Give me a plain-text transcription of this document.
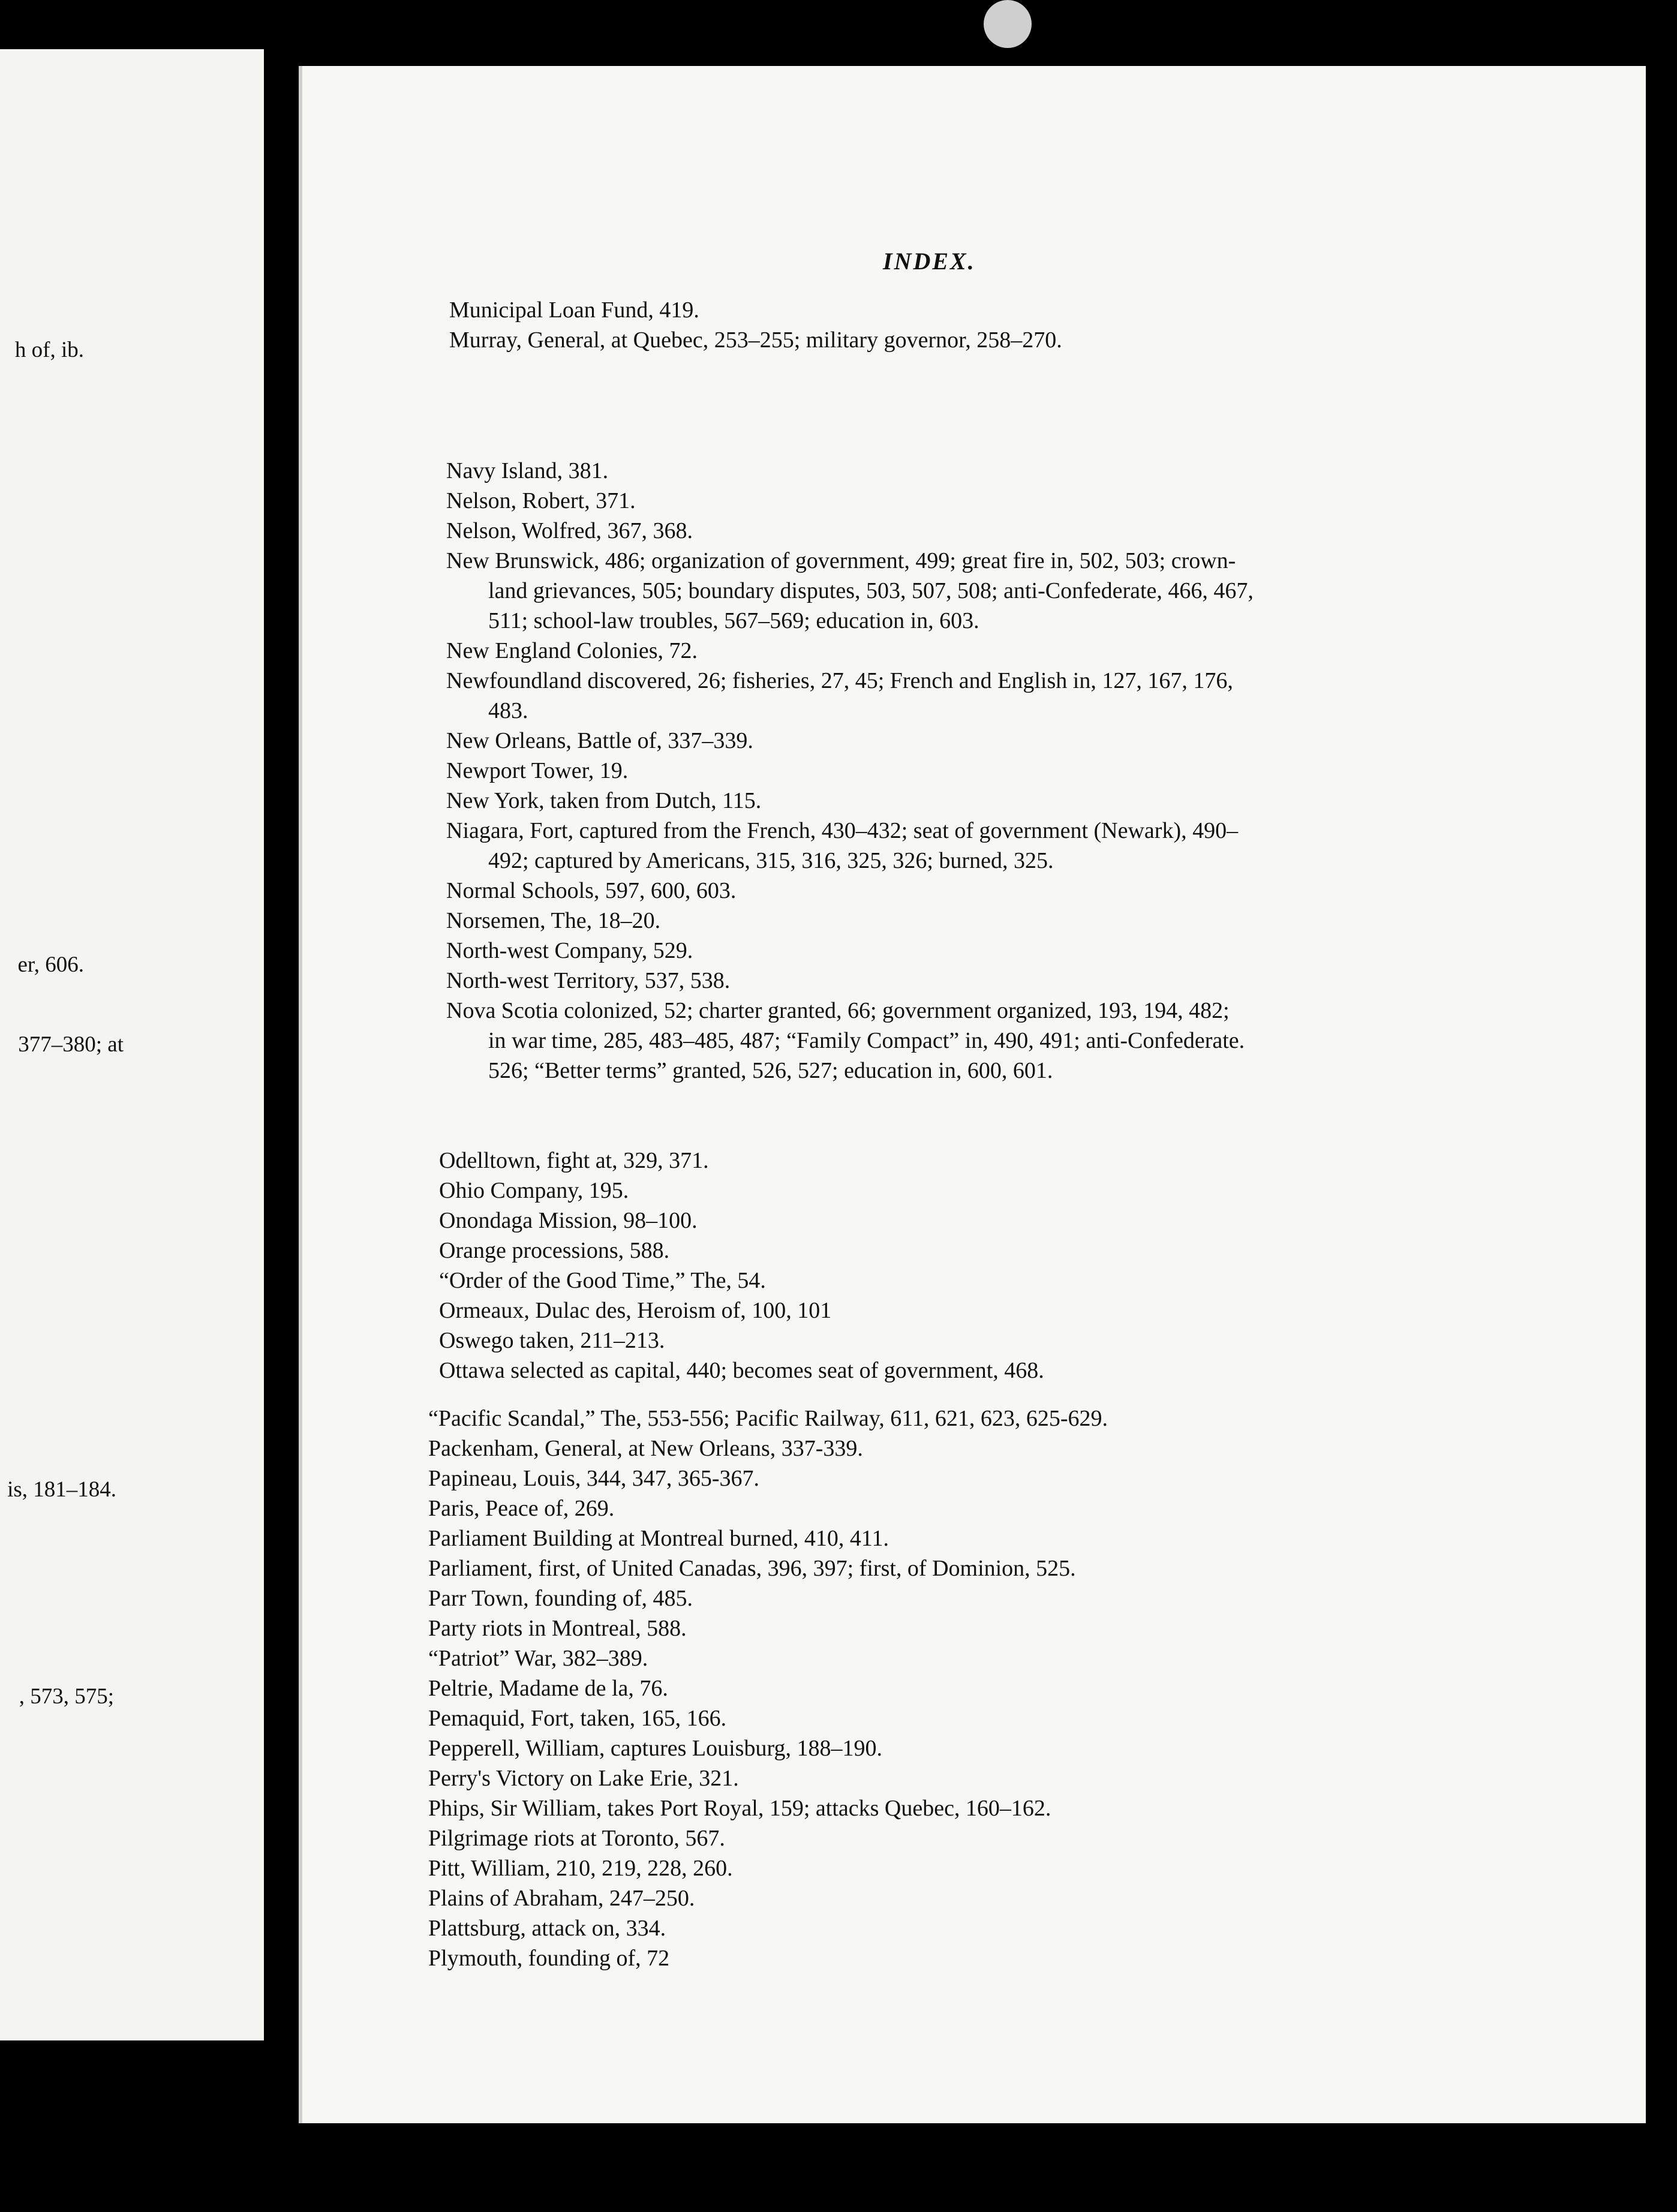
h of, ib.
er, 606.
377–380; at
is, 181–184.
, 573, 575;
INDEX.
Municipal Loan Fund, 419.
Murray, General, at Quebec, 253–255; military governor, 258–270.
Navy Island, 381.
Nelson, Robert, 371.
Nelson, Wolfred, 367, 368.
New Brunswick, 486; organization of government, 499; great fire in, 502, 503; crown-
land grievances, 505; boundary disputes, 503, 507, 508; anti-Confederate, 466, 467,
511; school-law troubles, 567–569; education in, 603.
New England Colonies, 72.
Newfoundland discovered, 26; fisheries, 27, 45; French and English in, 127, 167, 176,
483.
New Orleans, Battle of, 337–339.
Newport Tower, 19.
New York, taken from Dutch, 115.
Niagara, Fort, captured from the French, 430–432; seat of government (Newark), 490–
492; captured by Americans, 315, 316, 325, 326; burned, 325.
Normal Schools, 597, 600, 603.
Norsemen, The, 18–20.
North-west Company, 529.
North-west Territory, 537, 538.
Nova Scotia colonized, 52; charter granted, 66; government organized, 193, 194, 482;
in war time, 285, 483–485, 487; “Family Compact” in, 490, 491; anti-Confederate.
526; “Better terms” granted, 526, 527; education in, 600, 601.
Odelltown, fight at, 329, 371.
Ohio Company, 195.
Onondaga Mission, 98–100.
Orange processions, 588.
“Order of the Good Time,” The, 54.
Ormeaux, Dulac des, Heroism of, 100, 101
Oswego taken, 211–213.
Ottawa selected as capital, 440; becomes seat of government, 468.
“Pacific Scandal,” The, 553-556; Pacific Railway, 611, 621, 623, 625-629.
Packenham, General, at New Orleans, 337-339.
Papineau, Louis, 344, 347, 365-367.
Paris, Peace of, 269.
Parliament Building at Montreal burned, 410, 411.
Parliament, first, of United Canadas, 396, 397; first, of Dominion, 525.
Parr Town, founding of, 485.
Party riots in Montreal, 588.
“Patriot” War, 382–389.
Peltrie, Madame de la, 76.
Pemaquid, Fort, taken, 165, 166.
Pepperell, William, captures Louisburg, 188–190.
Perry's Victory on Lake Erie, 321.
Phips, Sir William, takes Port Royal, 159; attacks Quebec, 160–162.
Pilgrimage riots at Toronto, 567.
Pitt, William, 210, 219, 228, 260.
Plains of Abraham, 247–250.
Plattsburg, attack on, 334.
Plymouth, founding of, 72
